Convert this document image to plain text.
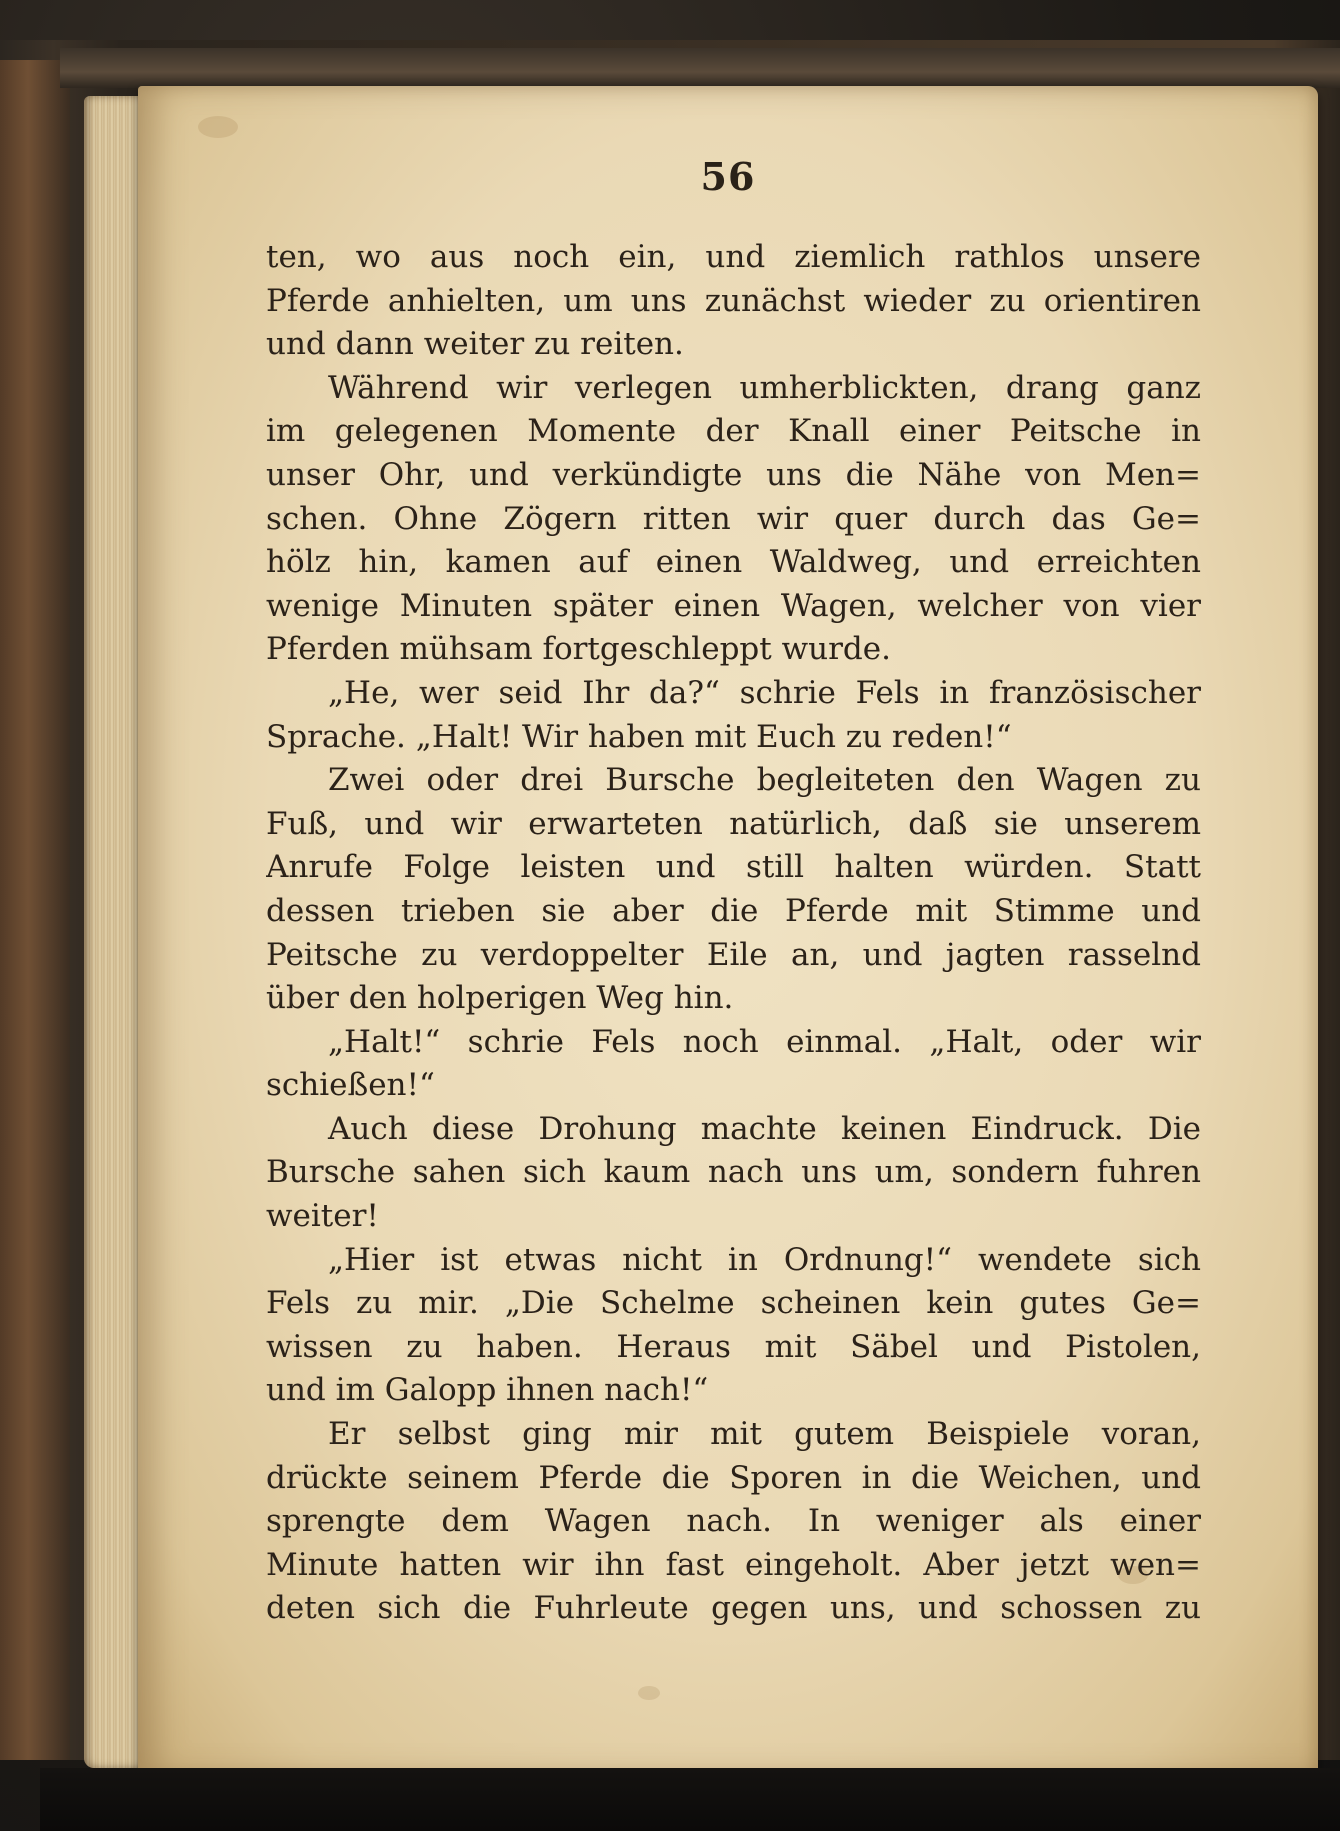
56
ten, wo aus noch ein, und ziemlich rathlos unsere
Pferde anhielten, um uns zunächst wieder zu orientiren
und dann weiter zu reiten.
Während wir verlegen umherblickten, drang ganz
im gelegenen Momente der Knall einer Peitsche in
unser Ohr, und verkündigte uns die Nähe von Men=
schen. Ohne Zögern ritten wir quer durch das Ge=
hölz hin, kamen auf einen Waldweg, und erreichten
wenige Minuten später einen Wagen, welcher von vier
Pferden mühsam fortgeschleppt wurde.
„He, wer seid Ihr da?“ schrie Fels in französischer
Sprache. „Halt! Wir haben mit Euch zu reden!“
Zwei oder drei Bursche begleiteten den Wagen zu
Fuß, und wir erwarteten natürlich, daß sie unserem
Anrufe Folge leisten und still halten würden. Statt
dessen trieben sie aber die Pferde mit Stimme und
Peitsche zu verdoppelter Eile an, und jagten rasselnd
über den holperigen Weg hin.
„Halt!“ schrie Fels noch einmal. „Halt, oder wir
schießen!“
Auch diese Drohung machte keinen Eindruck. Die
Bursche sahen sich kaum nach uns um, sondern fuhren
weiter!
„Hier ist etwas nicht in Ordnung!“ wendete sich
Fels zu mir. „Die Schelme scheinen kein gutes Ge=
wissen zu haben. Heraus mit Säbel und Pistolen,
und im Galopp ihnen nach!“
Er selbst ging mir mit gutem Beispiele voran,
drückte seinem Pferde die Sporen in die Weichen, und
sprengte dem Wagen nach. In weniger als einer
Minute hatten wir ihn fast eingeholt. Aber jetzt wen=
deten sich die Fuhrleute gegen uns, und schossen zu
